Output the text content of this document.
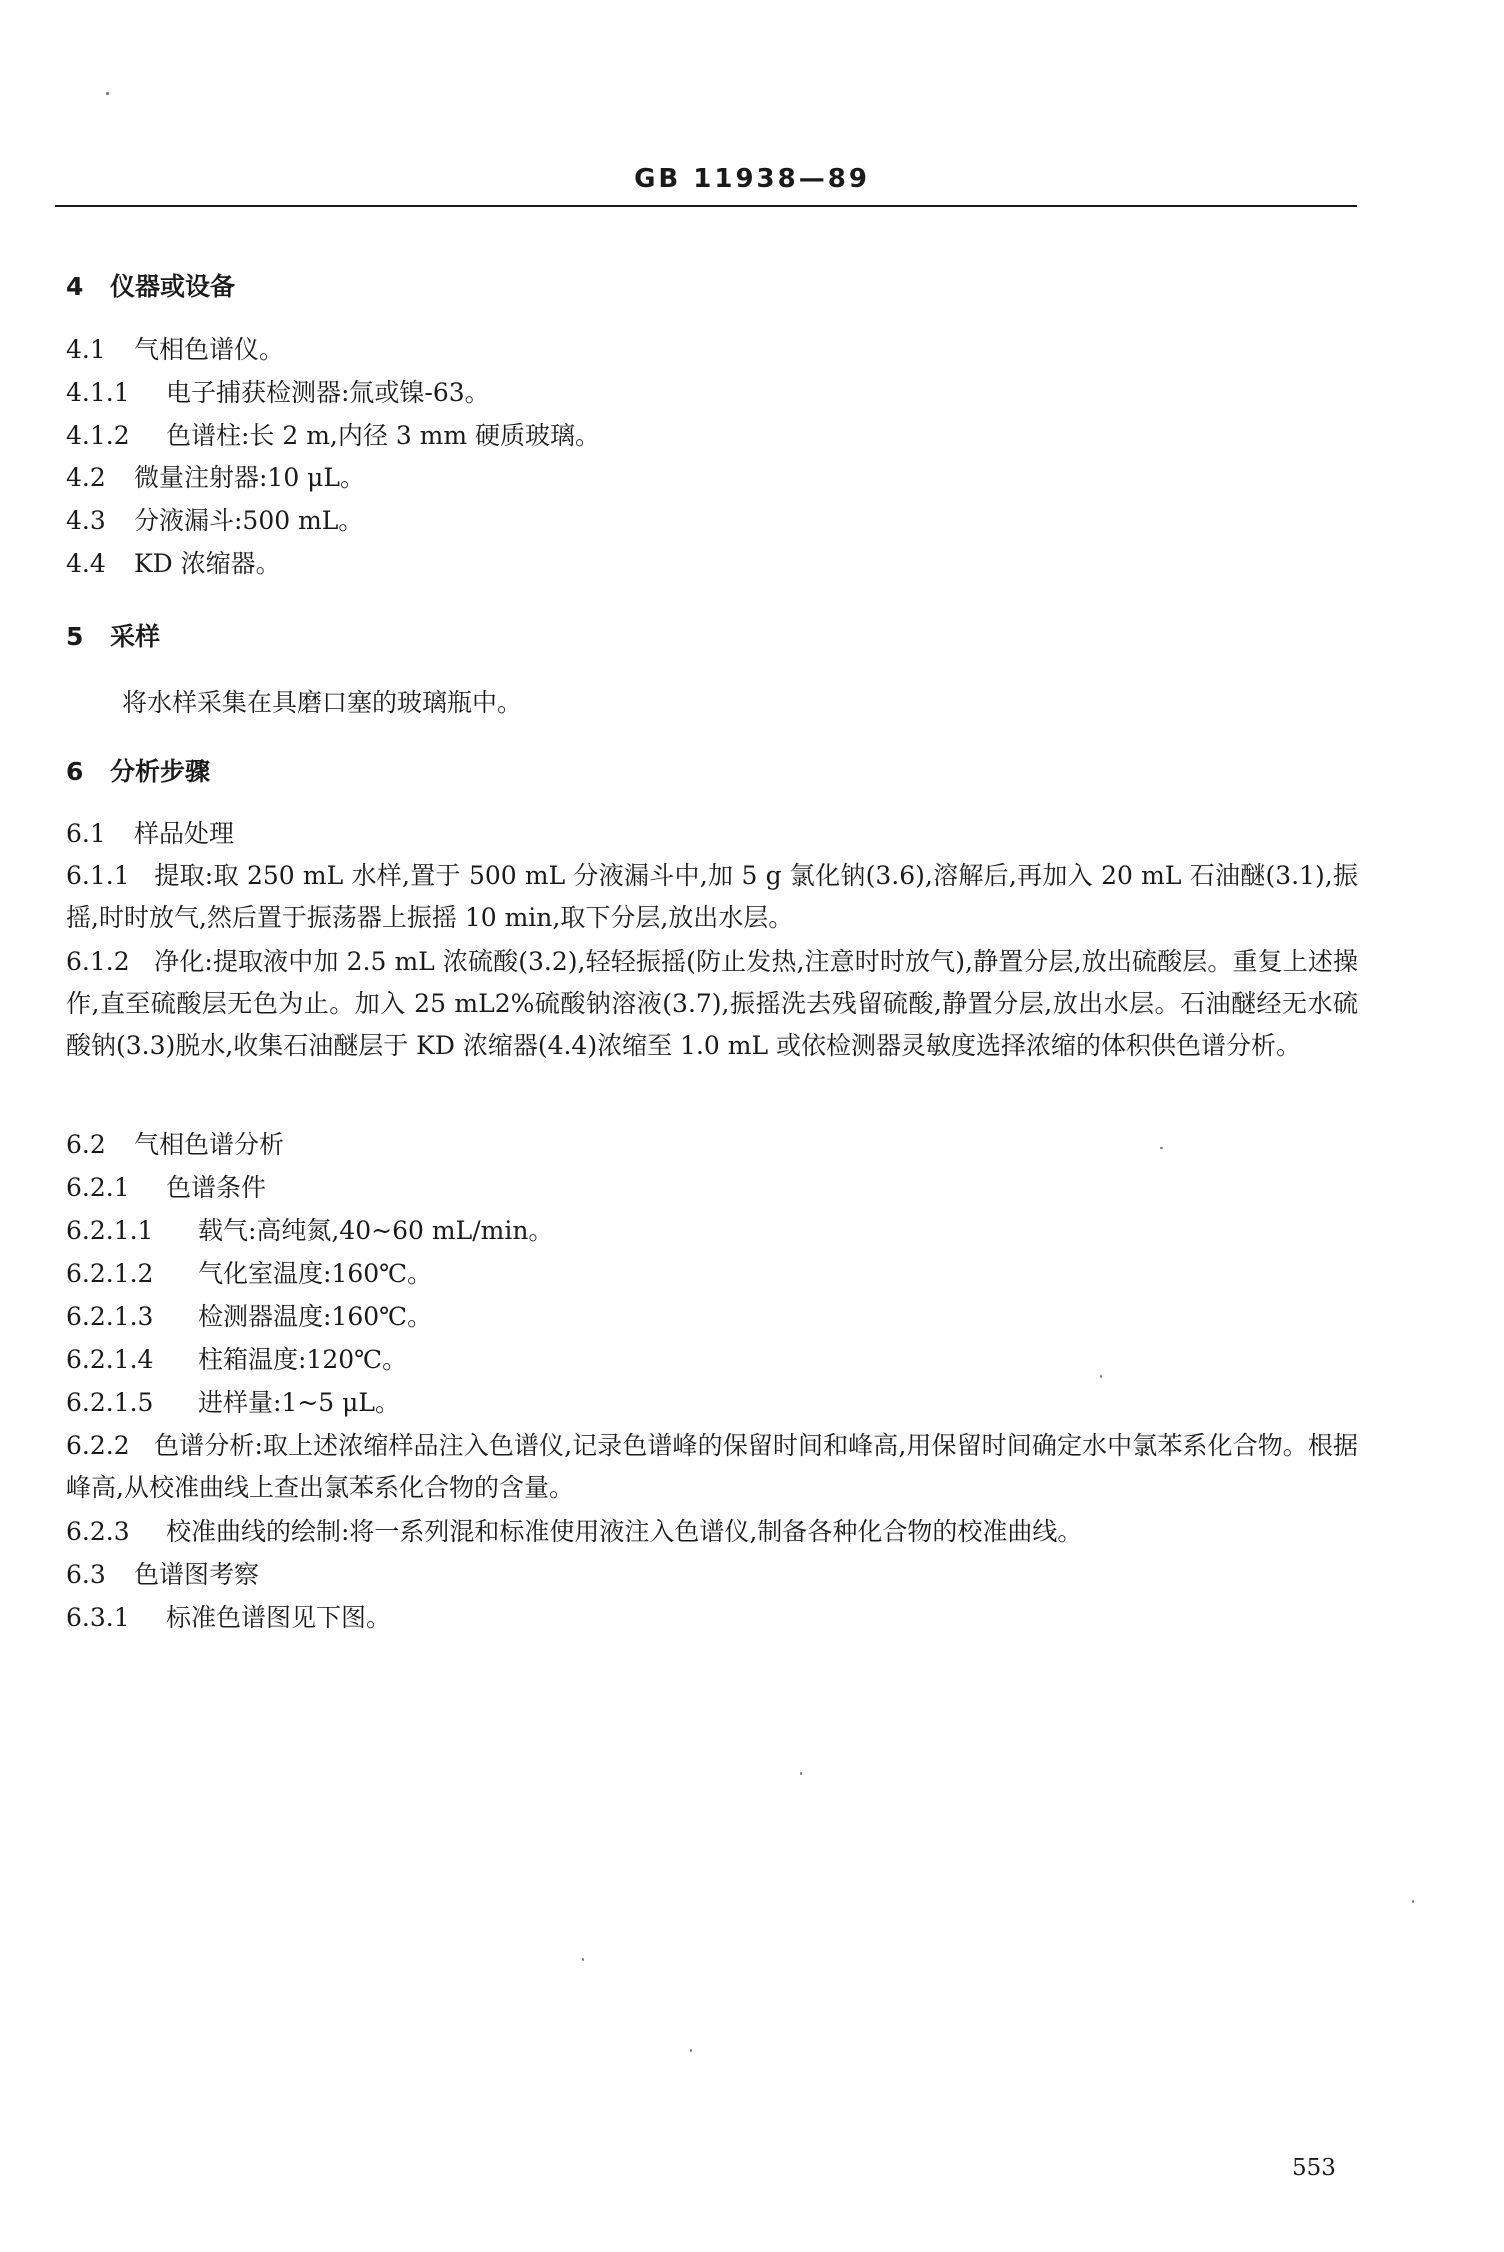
GB 11938—89
4 仪器或设备
4.1 气相色谱仪。
4.1.1 电子捕获检测器:氚或镍-63。
4.1.2 色谱柱:长 2 m,内径 3 mm 硬质玻璃。
4.2 微量注射器:10 μL。
4.3 分液漏斗:500 mL。
4.4 KD 浓缩器。
5 采样
将水样采集在具磨口塞的玻璃瓶中。
6 分析步骤
6.1 样品处理
6.1.1 提取:取 250 mL 水样,置于 500 mL 分液漏斗中,加 5 g 氯化钠(3.6),溶解后,再加入 20 mL 石油醚(3.1),振摇,时时放气,然后置于振荡器上振摇 10 min,取下分层,放出水层。
6.1.2 净化:提取液中加 2.5 mL 浓硫酸(3.2),轻轻振摇(防止发热,注意时时放气),静置分层,放出硫酸层。重复上述操作,直至硫酸层无色为止。加入 25 mL2%硫酸钠溶液(3.7),振摇洗去残留硫酸,静置分层,放出水层。石油醚经无水硫酸钠(3.3)脱水,收集石油醚层于 KD 浓缩器(4.4)浓缩至 1.0 mL 或依检测器灵敏度选择浓缩的体积供色谱分析。
6.2 气相色谱分析
6.2.1 色谱条件
6.2.1.1 载气:高纯氮,40~60 mL/min。
6.2.1.2 气化室温度:160℃。
6.2.1.3 检测器温度:160℃。
6.2.1.4 柱箱温度:120℃。
6.2.1.5 进样量:1~5 μL。
6.2.2 色谱分析:取上述浓缩样品注入色谱仪,记录色谱峰的保留时间和峰高,用保留时间确定水中氯苯系化合物。根据峰高,从校准曲线上查出氯苯系化合物的含量。
6.2.3 校准曲线的绘制:将一系列混和标准使用液注入色谱仪,制备各种化合物的校准曲线。
6.3 色谱图考察
6.3.1 标准色谱图见下图。
553
